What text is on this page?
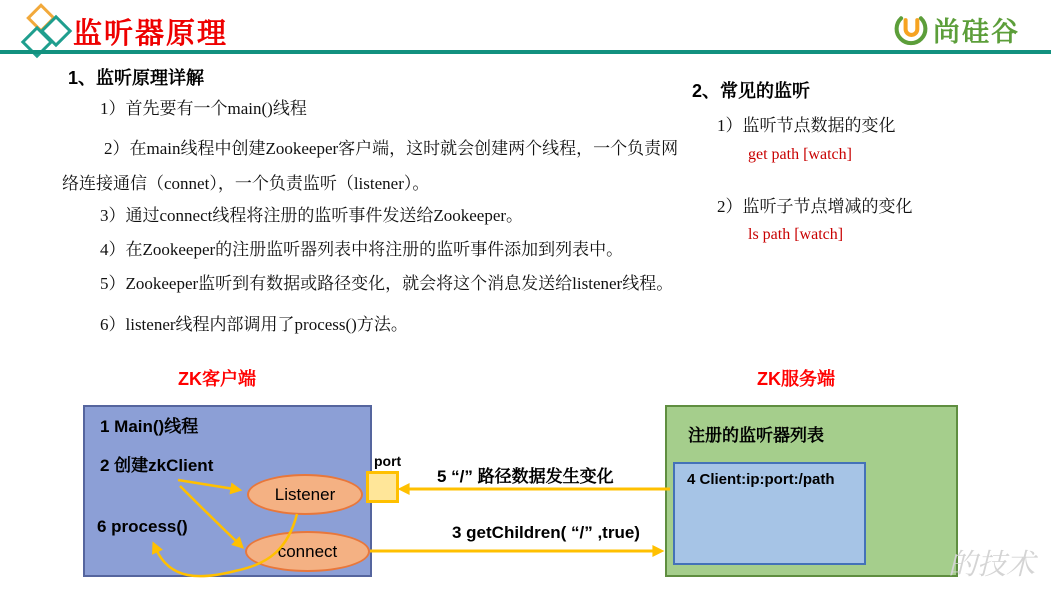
监听器原理	尚硅谷
1、监听原理详解
1）首先要有一个main()线程
2）在main线程中创建Zookeeper客户端，这时就会创建两个线程，一个负责网络连接通信（connet），一个负责监听（listener）。
3）通过connect线程将注册的监听事件发送给Zookeeper。
4）在Zookeeper的注册监听器列表中将注册的监听事件添加到列表中。
5）Zookeeper监听到有数据或路径变化，就会将这个消息发送给listener线程。
6）listener线程内部调用了process()方法。
2、常见的监听
1）监听节点数据的变化
get path [watch]
2）监听子节点增减的变化
ls path [watch]
ZK客户端	ZK服务端
1 Main()线程
2 创建zkClient
6 process()
Listener
connect
port
注册的监听器列表
4 Client:ip:port:/path
5 “/” 路径数据发生变化
3 getChildren( “/” ,true)
的技术
